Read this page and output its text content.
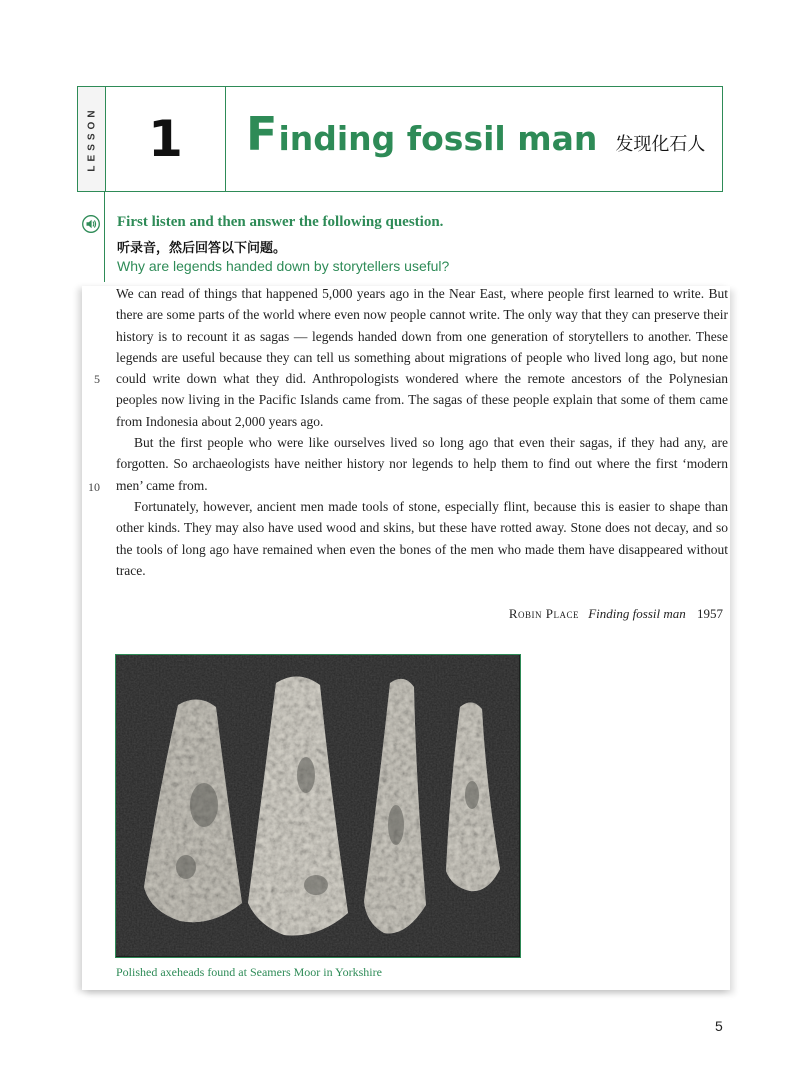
LESSON 1 F inding fossil man 发现化石人
First listen and then answer the following question.
听录音，然后回答以下问题。
Why are legends handed down by storytellers useful?

We can read of things that happened 5,000 years ago in the Near East, where people first learned to write. But there are some parts of the world where even now people cannot write. The only way that they can preserve their history is to recount it as sagas — legends handed down from one generation of storytellers to another. These legends are useful because they can tell us something about migrations of people who lived long ago, but none could write down what they did. Anthropologists wondered where the remote ancestors of the Polynesian peoples now living in the Pacific Islands came from. The sagas of these people explain that some of them came from Indonesia about 2,000 years ago.

But the first people who were like ourselves lived so long ago that even their sagas, if they had any, are forgotten. So archaeologists have neither history nor legends to help them to find out where the first ‘modern men’ came from.

Fortunately, however, ancient men made tools of stone, especially flint, because this is easier to shape than other kinds. They may also have used wood and skins, but these have rotted away. Stone does not decay, and so the tools of long ago have remained when even the bones of the men who made them have disappeared without trace.

5
10
Robin Place Finding fossil man 1957
Polished axeheads found at Seamers Moor in Yorkshire
5
